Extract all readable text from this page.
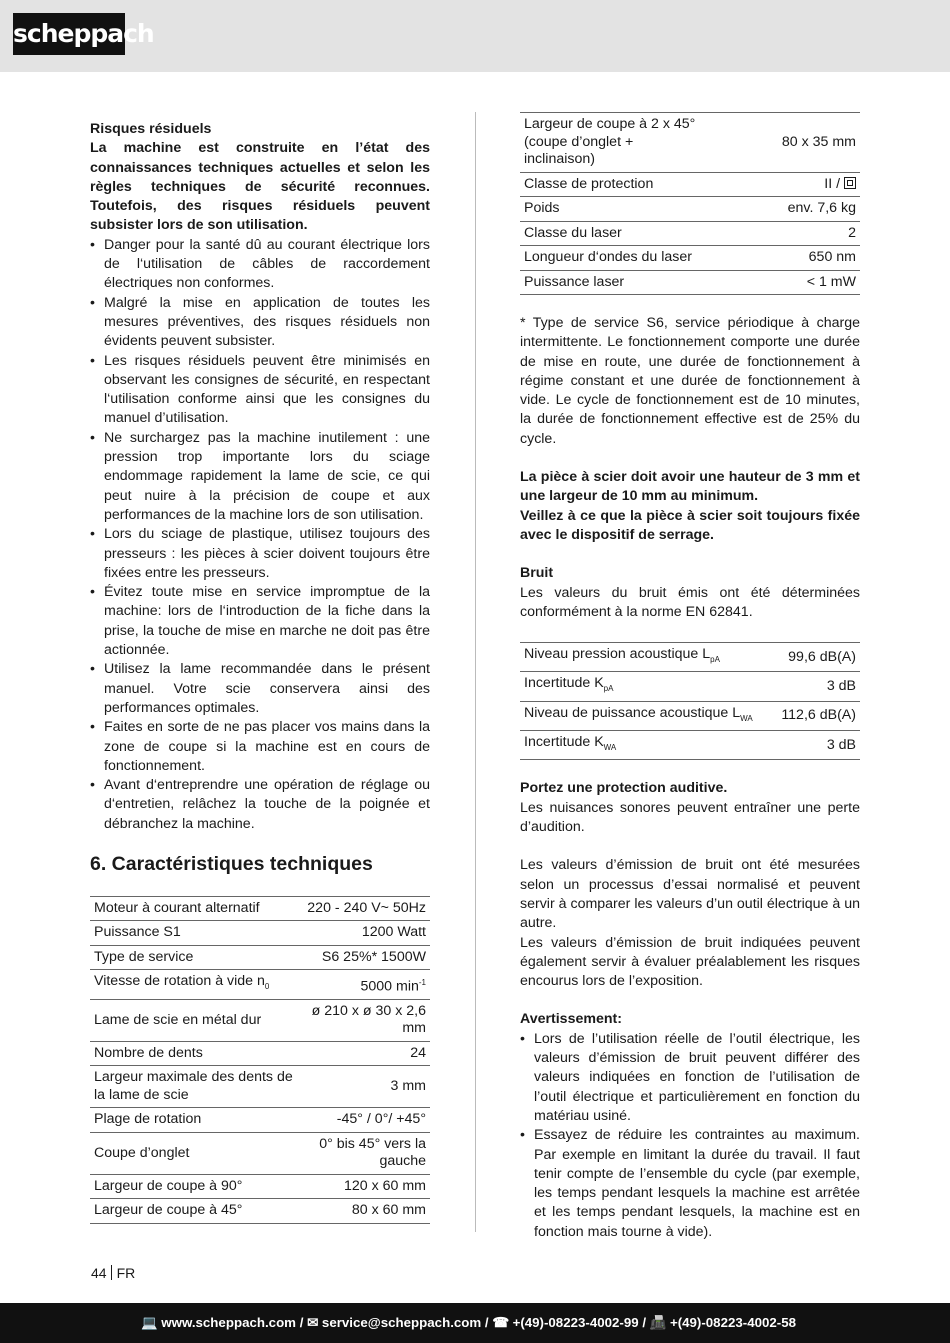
scheppach

Risques résiduels

La machine est construite en l’état des connaissances techniques actuelles et selon les règles techniques de sécurité reconnues. Toutefois, des risques résiduels peuvent subsister lors de son utilisation.

• Danger pour la santé dû au courant électrique lors de l‘utilisation de câbles de raccordement électriques non conformes.
• Malgré la mise en application de toutes les mesures préventives, des risques résiduels non évidents peuvent subsister.
• Les risques résiduels peuvent être minimisés en observant les consignes de sécurité, en respectant l‘utilisation conforme ainsi que les consignes du manuel d’utilisation.
• Ne surchargez pas la machine inutilement : une pression trop importante lors du sciage endommage rapidement la lame de scie, ce qui peut nuire à la précision de coupe et aux performances de la machine lors de son utilisation.
• Lors du sciage de plastique, utilisez toujours des presseurs : les pièces à scier doivent toujours être fixées entre les presseurs.
• Évitez toute mise en service impromptue de la machine: lors de l‘introduction de la fiche dans la prise, la touche de mise en marche ne doit pas être actionnée.
• Utilisez la lame recommandée dans le présent manuel. Votre scie conservera ainsi des performances optimales.
• Faites en sorte de ne pas placer vos mains dans la zone de coupe si la machine est en cours de fonctionnement.
• Avant d‘entreprendre une opération de réglage ou d‘entretien, relâchez la touche de la poignée et débranchez la machine.
6. Caractéristiques techniques
Moteur à courant alternatif	220 - 240 V~ 50Hz
Puissance S1	1200 Watt
Type de service	S6 25%* 1500W
Vitesse de rotation à vide $n_0$	5000 $\min^{-1}$
Lame de scie en métal dur	ø 210 x ø 30 x 2,6 mm
Nombre de dents	24
Largeur maximale des dents de la lame de scie	3 mm
Plage de rotation	-45° / 0°/ +45°
Coupe d’onglet	0° bis 45° vers la gauche
Largeur de coupe à 90°	120 x 60 mm
Largeur de coupe à 45°	80 x 60 mm
Largeur de coupe à 2 x 45° (coupe d’onglet + inclinaison)	80 x 35 mm
Classe de protection	II /
Poids	env. 7,6 kg
Classe du laser	2
Longueur d‘ondes du laser	650 nm
Puissance laser	< 1 mW

* Type de service S6, service périodique à charge intermittente. Le fonctionnement comporte une durée de mise en route, une durée de fonctionnement à régime constant et une durée de fonctionnement à vide. Le cycle de fonctionnement est de 10 minutes, la durée de fonctionnement effective est de 25% du cycle.

La pièce à scier doit avoir une hauteur de 3 mm et une largeur de 10 mm au minimum.

Veillez à ce que la pièce à scier soit toujours fixée avec le dispositif de serrage.

Bruit

Les valeurs du bruit émis ont été déterminées conformément à la norme EN 62841.

Niveau pression acoustique $L_{pA}$	99,6 dB(A)
Incertitude $K_{pA}$	3 dB
Niveau de puissance acoustique $L_{WA}$	112,6 dB(A)
Incertitude $K_{WA}$	3 dB

Portez une protection auditive.

Les nuisances sonores peuvent entraîner une perte d’audition.

Les valeurs d’émission de bruit ont été mesurées selon un processus d’essai normalisé et peuvent servir à comparer les valeurs d’un outil électrique à un autre.

Les valeurs d’émission de bruit indiquées peuvent également servir à évaluer préalablement les risques encourus lors de l’exposition.

Avertissement:

• Lors de l’utilisation réelle de l’outil électrique, les valeurs d’émission de bruit peuvent différer des valeurs indiquées en fonction de l’utilisation de l’outil électrique et particulièrement en fonction du matériau usiné.
• Essayez de réduire les contraintes au maximum. Par exemple en limitant la durée du travail. Il faut tenir compte de l’ensemble du cycle (par exemple, les temps pendant lesquels la machine est arrêtée et les temps pendant lesquels, la machine est en fonction mais tourne à vide).
44 FR
💻 www.scheppach.com / ✉ service@scheppach.com / ☎ +(49)-08223-4002-99 / 📠 +(49)-08223-4002-58
